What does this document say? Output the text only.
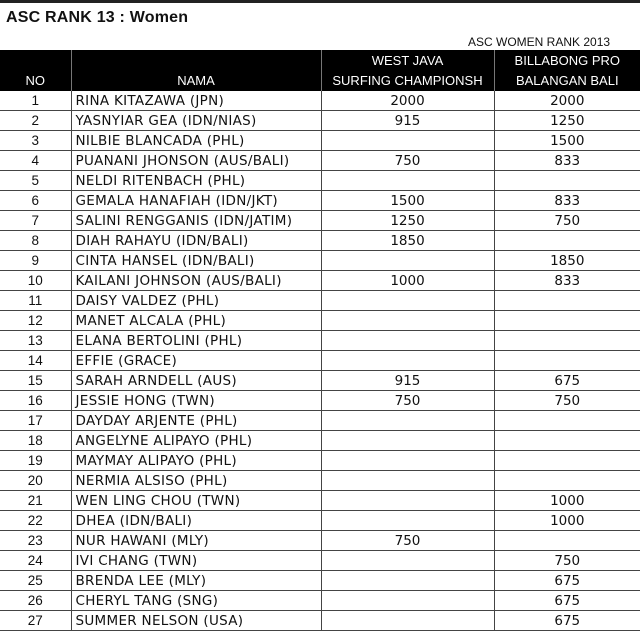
ASC RANK 13 : Women
ASC WOMEN RANK 2013			
		WEST JAVA	BILLABONG PRO
NO	NAMA	SURFING CHAMPIONSH	BALANGAN BALI
1	RINA KITAZAWA (JPN)	2000	2000
2	YASNYIAR GEA (IDN/NIAS)	915	1250
3	NILBIE BLANCADA (PHL)		1500
4	PUANANI JHONSON (AUS/BALI)	750	833
5	NELDI RITENBACH (PHL)		
6	GEMALA HANAFIAH (IDN/JKT)	1500	833
7	SALINI RENGGANIS (IDN/JATIM)	1250	750
8	DIAH RAHAYU (IDN/BALI)	1850	
9	CINTA HANSEL (IDN/BALI)		1850
10	KAILANI JOHNSON (AUS/BALI)	1000	833
11	DAISY VALDEZ (PHL)		
12	MANET ALCALA (PHL)		
13	ELANA BERTOLINI (PHL)		
14	EFFIE (GRACE)		
15	SARAH ARNDELL (AUS)	915	675
16	JESSIE HONG (TWN)	750	750
17	DAYDAY ARJENTE (PHL)		
18	ANGELYNE ALIPAYO (PHL)		
19	MAYMAY ALIPAYO (PHL)		
20	NERMIA ALSISO (PHL)		
21	WEN LING CHOU (TWN)		1000
22	DHEA (IDN/BALI)		1000
23	NUR HAWANI (MLY)	750	
24	IVI CHANG (TWN)		750
25	BRENDA LEE (MLY)		675
26	CHERYL TANG (SNG)		675
27	SUMMER NELSON (USA)		675
